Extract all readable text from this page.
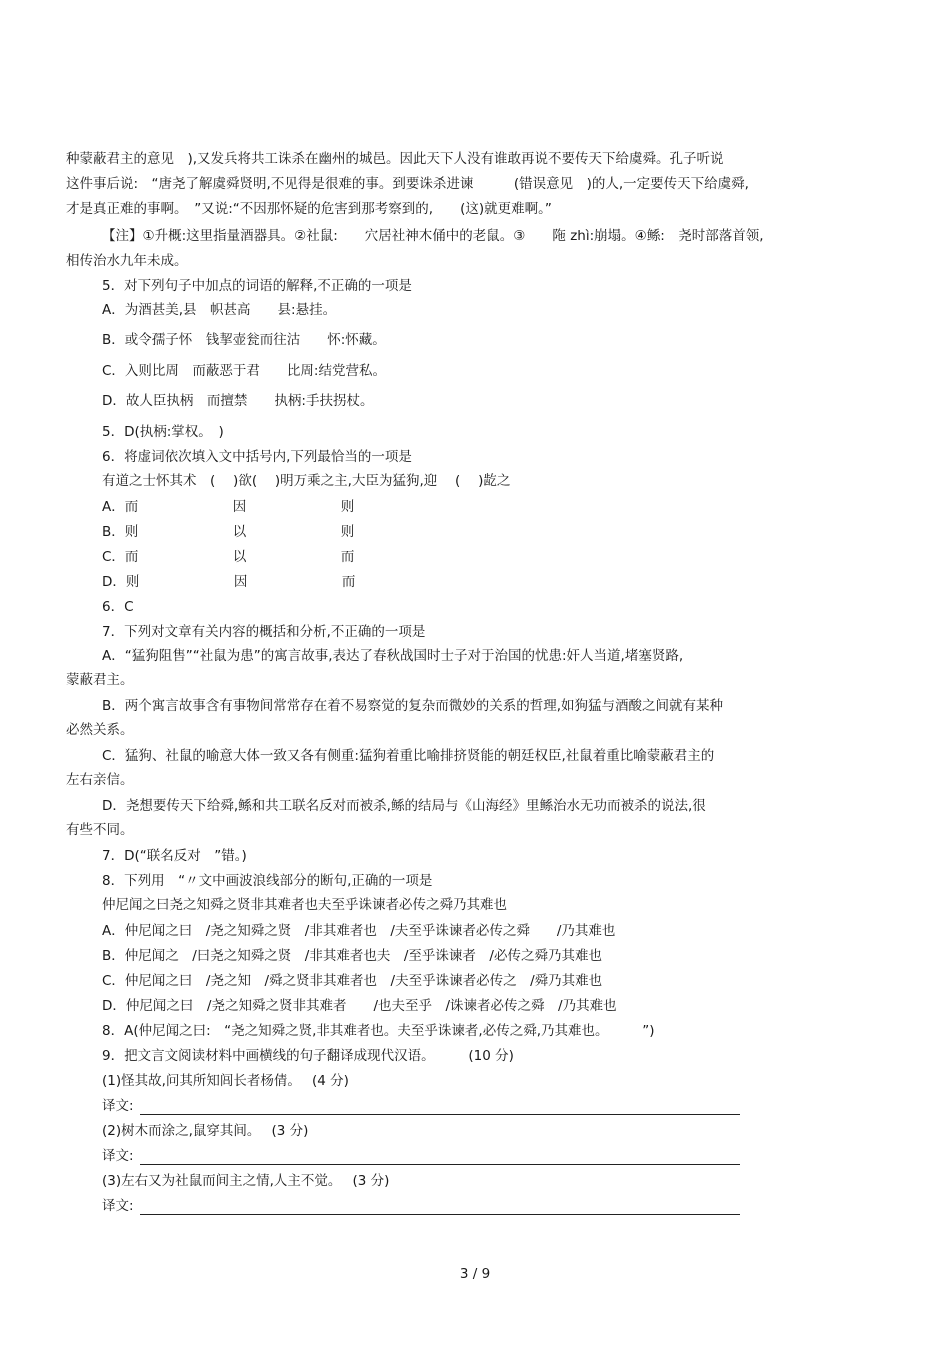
种蒙蔽君主的意见　),又发兵将共工诛杀在幽州的城邑。因此天下人没有谁敢再说不要传天下给虞舜。孔子听说
这件事后说:　“唐尧了解虞舜贤明,不见得是很难的事。到要诛杀进谏　　　(错误意见　)的人,一定要传天下给虞舜,
才是真正难的事啊。　”又说:“不因那怀疑的危害到那考察到的,　　(这)就更难啊。”
【注】①升概:这里指量酒器具。②社鼠:　　穴居社神木俑中的老鼠。③　　陁 zhì:崩塌。④鲧:　尧时部落首领,
相传治水九年未成。
5．对下列句子中加点的词语的解释,不正确的一项是
A．为酒甚美,县　帜甚高　　县:悬挂。
B．或令孺子怀　钱挈壶瓮而往沽　　怀:怀藏。
C．入则比周　而蔽恶于君　　比周:结党营私。
D．故人臣执柄　而擅禁　　执柄:手扶拐杖。
5．D(执柄:掌权。　)
6．将虚词依次填入文中括号内,下列最恰当的一项是
有道之士怀其术　(　 )欲(　 )明万乘之主,大臣为猛狗,迎　 (　 )龁之
A．而　　　　　　　因　　　　　　　则
B．则　　　　　　　以　　　　　　　则
C．而　　　　　　　以　　　　　　　而
D．则　　　　　　　因　　　　　　　而
6．C
7．下列对文章有关内容的概括和分析,不正确的一项是
A．“猛狗阻售”“社鼠为患”的寓言故事,表达了春秋战国时士子对于治国的忧患:奸人当道,堵塞贤路,
蒙蔽君主。
B．两个寓言故事含有事物间常常存在着不易察觉的复杂而微妙的关系的哲理,如狗猛与酒酸之间就有某种
必然关系。
C．猛狗、社鼠的喻意大体一致又各有侧重:猛狗着重比喻排挤贤能的朝廷权臣,社鼠着重比喻蒙蔽君主的
左右亲信。
D．尧想要传天下给舜,鲧和共工联名反对而被杀,鲧的结局与《山海经》里鲧治水无功而被杀的说法,很
有些不同。
7．D(“联名反对　”错。)
8．下列用　“〃文中画波浪线部分的断句,正确的一项是
仲尼闻之曰尧之知舜之贤非其难者也夫至乎诛谏者必传之舜乃其难也
A．仲尼闻之曰　/尧之知舜之贤　/非其难者也　/夫至乎诛谏者必传之舜　　/乃其难也
B．仲尼闻之　/曰尧之知舜之贤　/非其难者也夫　/至乎诛谏者　/必传之舜乃其难也
C．仲尼闻之曰　/尧之知　/舜之贤非其难者也　/夫至乎诛谏者必传之　/舜乃其难也
D．仲尼闻之曰　/尧之知舜之贤非其难者　　/也夫至乎　/诛谏者必传之舜　/乃其难也
8．A(仲尼闻之曰:　“尧之知舜之贤,非其难者也。夫至乎诛谏者,必传之舜,乃其难也。　　　”)
9．把文言文阅读材料中画横线的句子翻译成现代汉语。　　　(10 分)
(1)怪其故,问其所知闾长者杨倩。　 (4 分)
译文:
(2)树木而涂之,鼠穿其间。　 (3 分)
译文:
(3)左右又为社鼠而间主之情,人主不觉。　 (3 分)
译文:
3 / 9
